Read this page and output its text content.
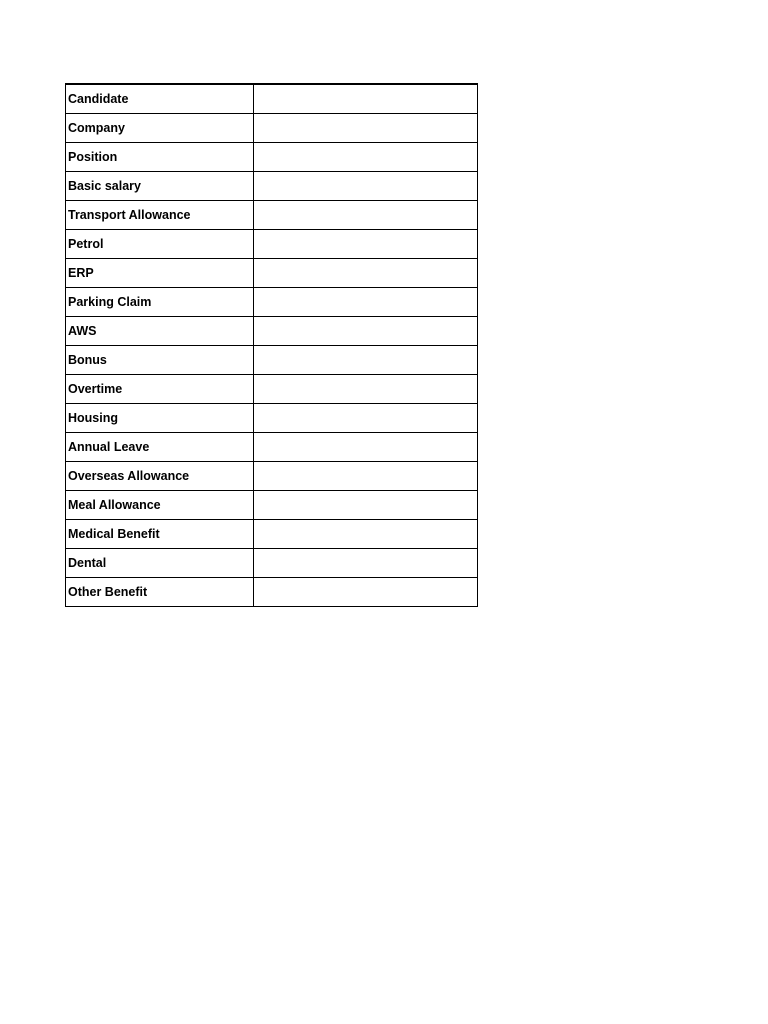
Candidate	
Company	
Position	
Basic salary	
Transport Allowance	
Petrol	
ERP	
Parking Claim	
AWS	
Bonus	
Overtime	
Housing	
Annual Leave	
Overseas Allowance	
Meal Allowance	
Medical Benefit	
Dental	
Other Benefit	
